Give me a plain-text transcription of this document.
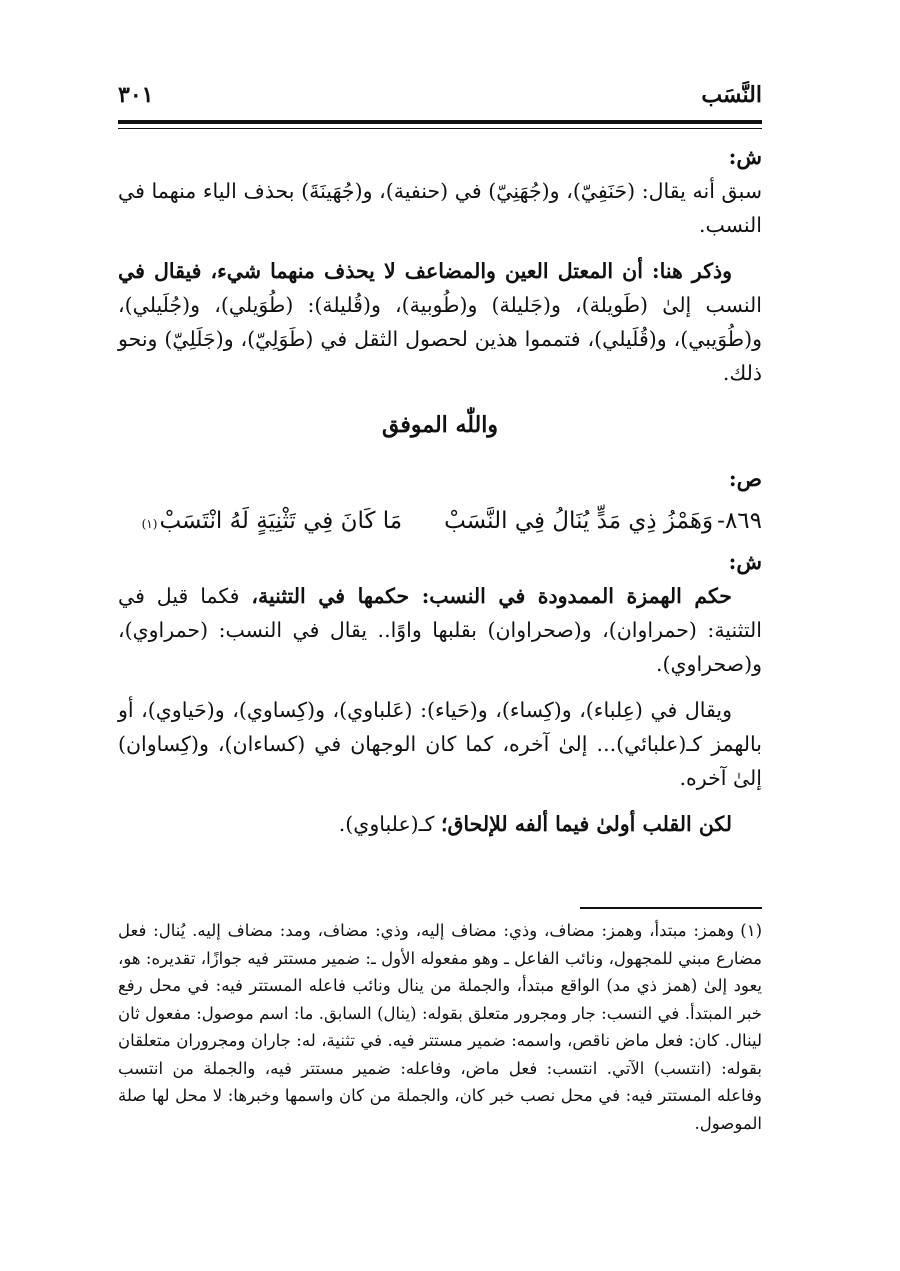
النَّسَب
٣٠١

ش:

سبق أنه يقال: (حَنَفِيّ)، و(جُهَنِيّ) في (حنفية)، و(جُهَينَةَ) بحذف الياء منهما في النسب.

وذكر هنا: أن المعتل العين والمضاعف لا يحذف منهما شيء، فيقال في النسب إلىٰ (طَويلة)، و(جَليلة) و(طُوبية)، و(قُليلة): (طُوَيلي)، و(جُلَيلي)، و(طُوَيبي)، و(قُلَيلي)، فتمموا هذين لحصول الثقل في (طَوَلِيّ)، و(جَلَلِيّ) ونحو ذلك.

واللّٰه الموفق

ص:

٨٦٩-
وَهَمْزُ ذِي مَدٍّ يُنَالُ فِي النَّسَبْ
مَا كَانَ فِي تَثْنِيَةٍ لَهُ انْتَسَبْ
(١)

ش:

حكم الهمزة الممدودة في النسب: حكمها في التثنية، فكما قيل في التثنية: (حمراوان)، و(صحراوان) بقلبها واوًا.. يقال في النسب: (حمراوي)، و(صحراوي).

ويقال في (عِلباء)، و(كِساء)، و(حَياء): (عَلباوي)، و(كِساوي)، و(حَياوي)، أو بالهمز كـ(علبائي)... إلىٰ آخره، كما كان الوجهان في (كساءان)، و(كِساوان) إلىٰ آخره.

لكن القلب أولىٰ فيما ألفه للإلحاق؛ كـ(علباوي).

(١)وهمز: مبتدأ، وهمز: مضاف، وذي: مضاف إليه، وذي: مضاف، ومد: مضاف إليه. يُنال: فعل مضارع مبني للمجهول، ونائب الفاعل ـ وهو مفعوله الأول ـ: ضمير مستتر فيه جوازًا، تقديره: هو، يعود إلىٰ (همز ذي مد) الواقع مبتدأ، والجملة من ينال ونائب فاعله المستتر فيه: في محل رفع خبر المبتدأ. في النسب: جار ومجرور متعلق بقوله: (ينال) السابق. ما: اسم موصول: مفعول ثان لينال. كان: فعل ماض ناقص، واسمه: ضمير مستتر فيه. في تثنية، له: جاران ومجروران متعلقان بقوله: (انتسب) الآتي. انتسب: فعل ماض، وفاعله: ضمير مستتر فيه، والجملة من انتسب وفاعله المستتر فيه: في محل نصب خبر كان، والجملة من كان واسمها وخبرها: لا محل لها صلة الموصول.
